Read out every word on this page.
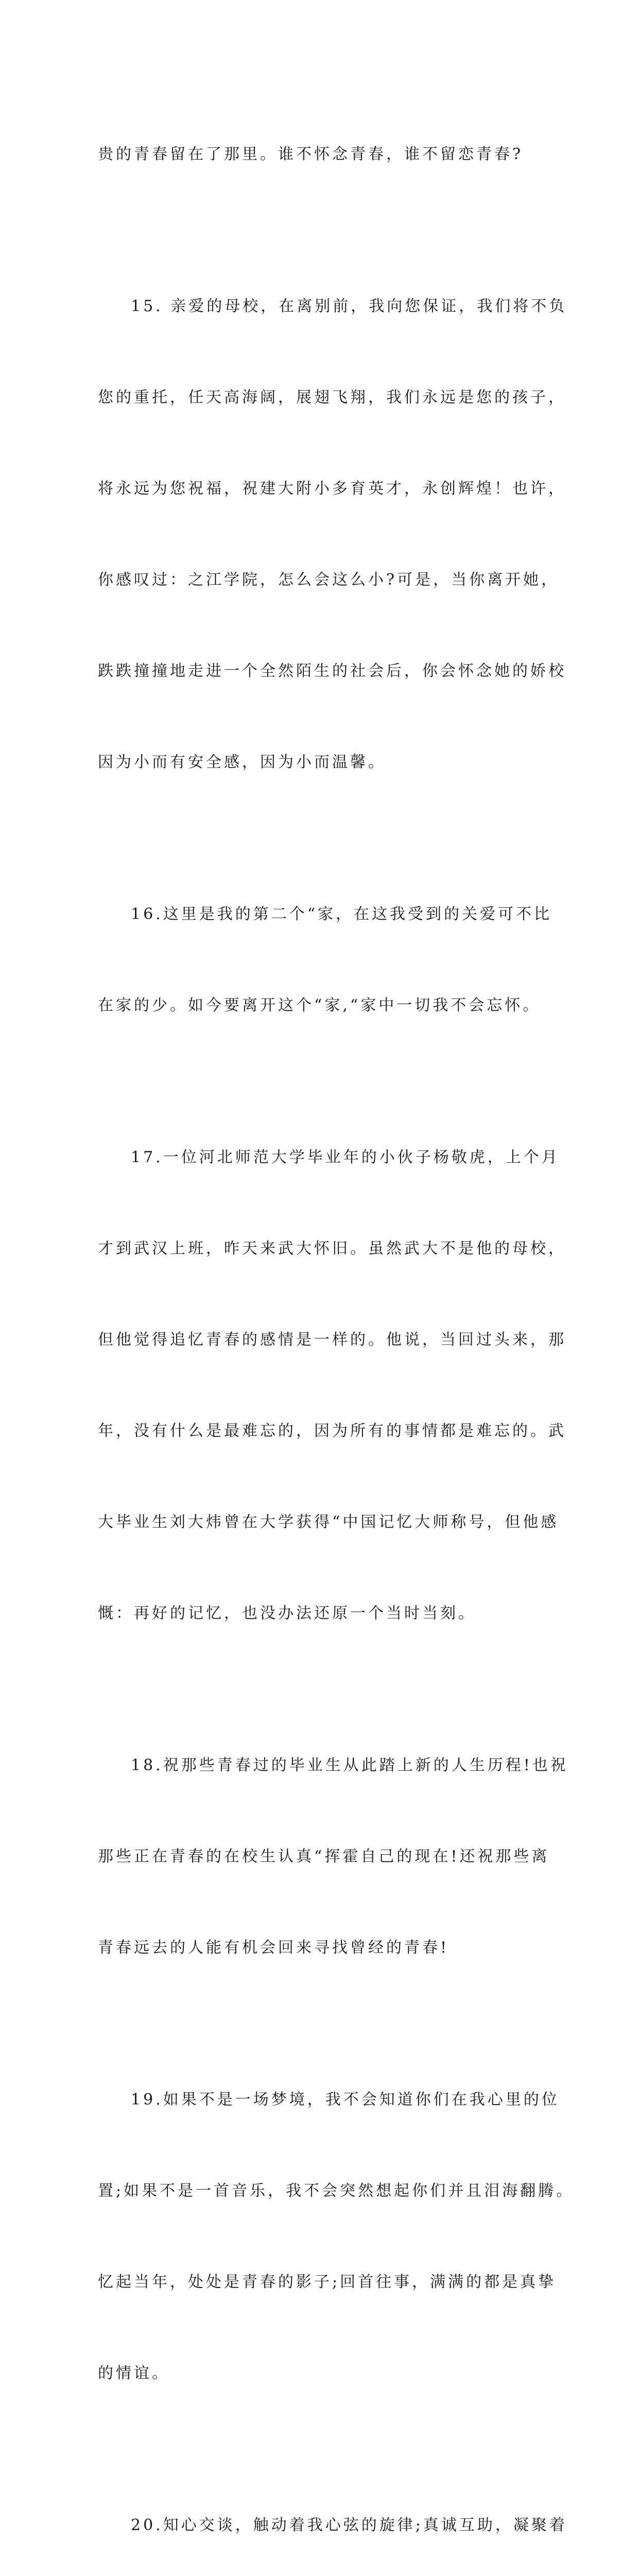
贵的青春留在了那里。谁不怀念青春，谁不留恋青春?

15. 亲爱的母校，在离别前，我向您保证，我们将不负

您的重托，任天高海阔，展翅飞翔，我们永远是您的孩子，

将永远为您祝福，祝建大附小多育英才，永创辉煌！也许，

你感叹过：之江学院，怎么会这么小?可是，当你离开她，

跌跌撞撞地走进一个全然陌生的社会后，你会怀念她的娇校

因为小而有安全感，因为小而温馨。

16.这里是我的第二个“家，在这我受到的关爱可不比

在家的少。如今要离开这个“家,“家中一切我不会忘怀。

17.一位河北师范大学毕业年的小伙子杨敬虎，上个月

才到武汉上班，昨天来武大怀旧。虽然武大不是他的母校，

但他觉得追忆青春的感情是一样的。他说，当回过头来，那

年，没有什么是最难忘的，因为所有的事情都是难忘的。武

大毕业生刘大炜曾在大学获得“中国记忆大师称号，但他感

慨：再好的记忆，也没办法还原一个当时当刻。

18.祝那些青春过的毕业生从此踏上新的人生历程!也祝

那些正在青春的在校生认真“挥霍自己的现在!还祝那些离

青春远去的人能有机会回来寻找曾经的青春!

19.如果不是一场梦境，我不会知道你们在我心里的位

置;如果不是一首音乐，我不会突然想起你们并且泪海翻腾。

忆起当年，处处是青春的影子;回首往事，满满的都是真挚

的情谊。

20.知心交谈，触动着我心弦的旋律;真诚互助，凝聚着
